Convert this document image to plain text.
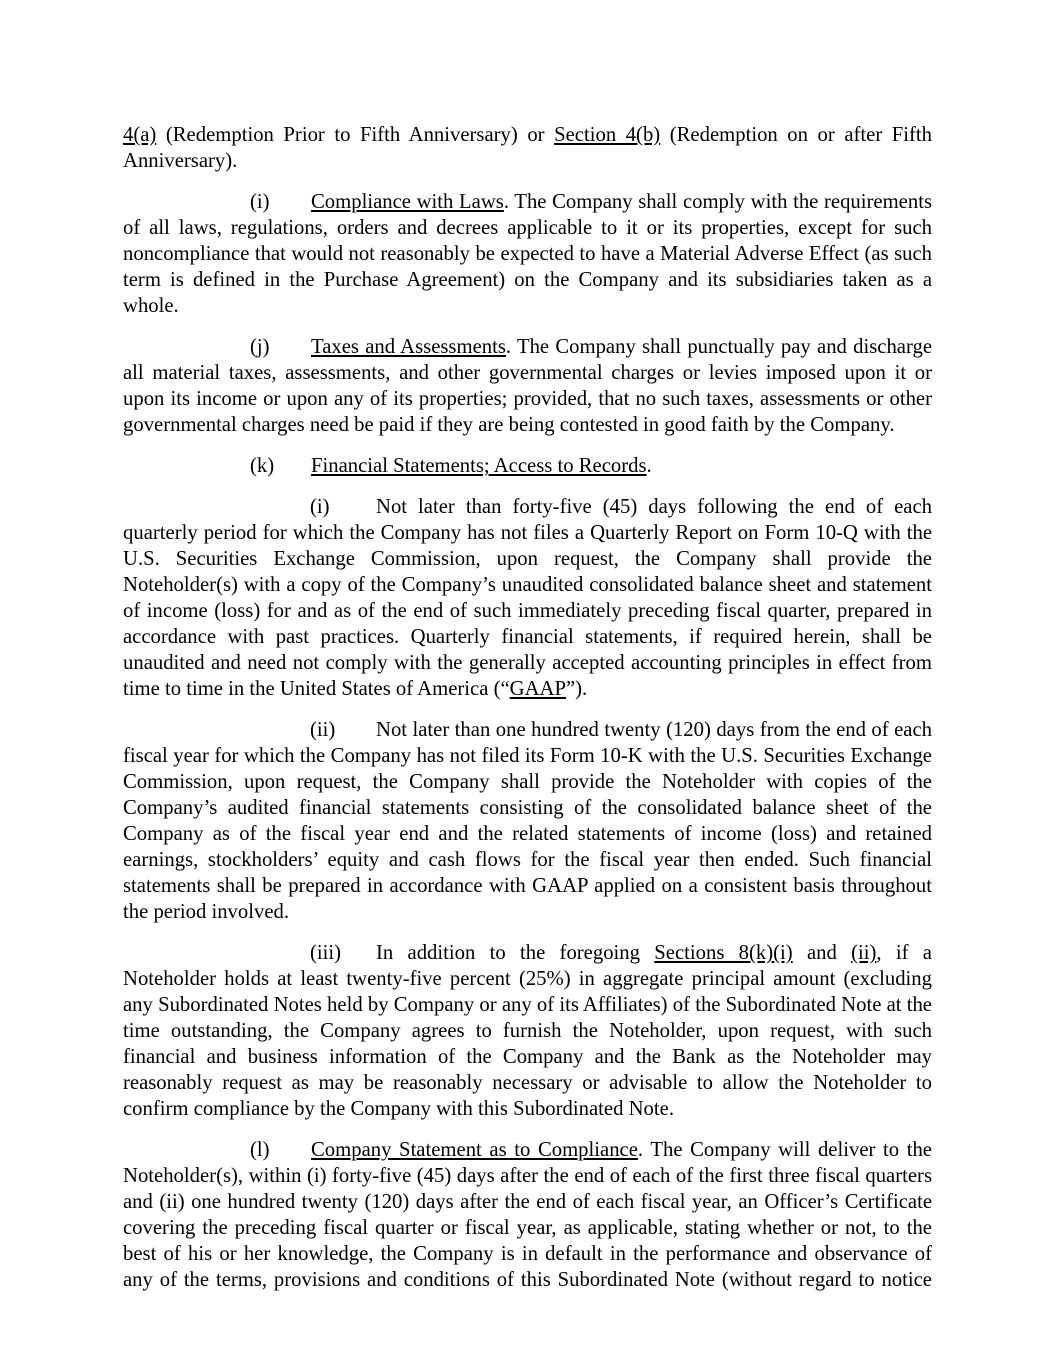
4(a) (Redemption Prior to Fifth Anniversary) or Section 4(b) (Redemption on or after Fifth Anniversary).

(i) Compliance with Laws. The Company shall comply with the requirements of all laws, regulations, orders and decrees applicable to it or its properties, except for such noncompliance that would not reasonably be expected to have a Material Adverse Effect (as such term is defined in the Purchase Agreement) on the Company and its subsidiaries taken as a whole.

(j) Taxes and Assessments. The Company shall punctually pay and discharge all material taxes, assessments, and other governmental charges or levies imposed upon it or upon its income or upon any of its properties; provided, that no such taxes, assessments or other governmental charges need be paid if they are being contested in good faith by the Company.

(k) Financial Statements; Access to Records.

(i) Not later than forty-five (45) days following the end of each quarterly period for which the Company has not files a Quarterly Report on Form 10-Q with the U.S. Securities Exchange Commission, upon request, the Company shall provide the Noteholder(s) with a copy of the Company’s unaudited consolidated balance sheet and statement of income (loss) for and as of the end of such immediately preceding fiscal quarter, prepared in accordance with past practices. Quarterly financial statements, if required herein, shall be unaudited and need not comply with the generally accepted accounting principles in effect from time to time in the United States of America (“GAAP”).

(ii) Not later than one hundred twenty (120) days from the end of each fiscal year for which the Company has not filed its Form 10-K with the U.S. Securities Exchange Commission, upon request, the Company shall provide the Noteholder with copies of the Company’s audited financial statements consisting of the consolidated balance sheet of the Company as of the fiscal year end and the related statements of income (loss) and retained earnings, stockholders’ equity and cash flows for the fiscal year then ended. Such financial statements shall be prepared in accordance with GAAP applied on a consistent basis throughout the period involved.

(iii) In addition to the foregoing Sections 8(k)(i) and (ii), if a Noteholder holds at least twenty-five percent (25%) in aggregate principal amount (excluding any Subordinated Notes held by Company or any of its Affiliates) of the Subordinated Note at the time outstanding, the Company agrees to furnish the Noteholder, upon request, with such financial and business information of the Company and the Bank as the Noteholder may reasonably request as may be reasonably necessary or advisable to allow the Noteholder to confirm compliance by the Company with this Subordinated Note.

(l) Company Statement as to Compliance. The Company will deliver to the Noteholder(s), within (i) forty-five (45) days after the end of each of the first three fiscal quarters and (ii) one hundred twenty (120) days after the end of each fiscal year, an Officer’s Certificate covering the preceding fiscal quarter or fiscal year, as applicable, stating whether or not, to the best of his or her knowledge, the Company is in default in the performance and observance of any of the terms, provisions and conditions of this Subordinated Note (without regard to notice
